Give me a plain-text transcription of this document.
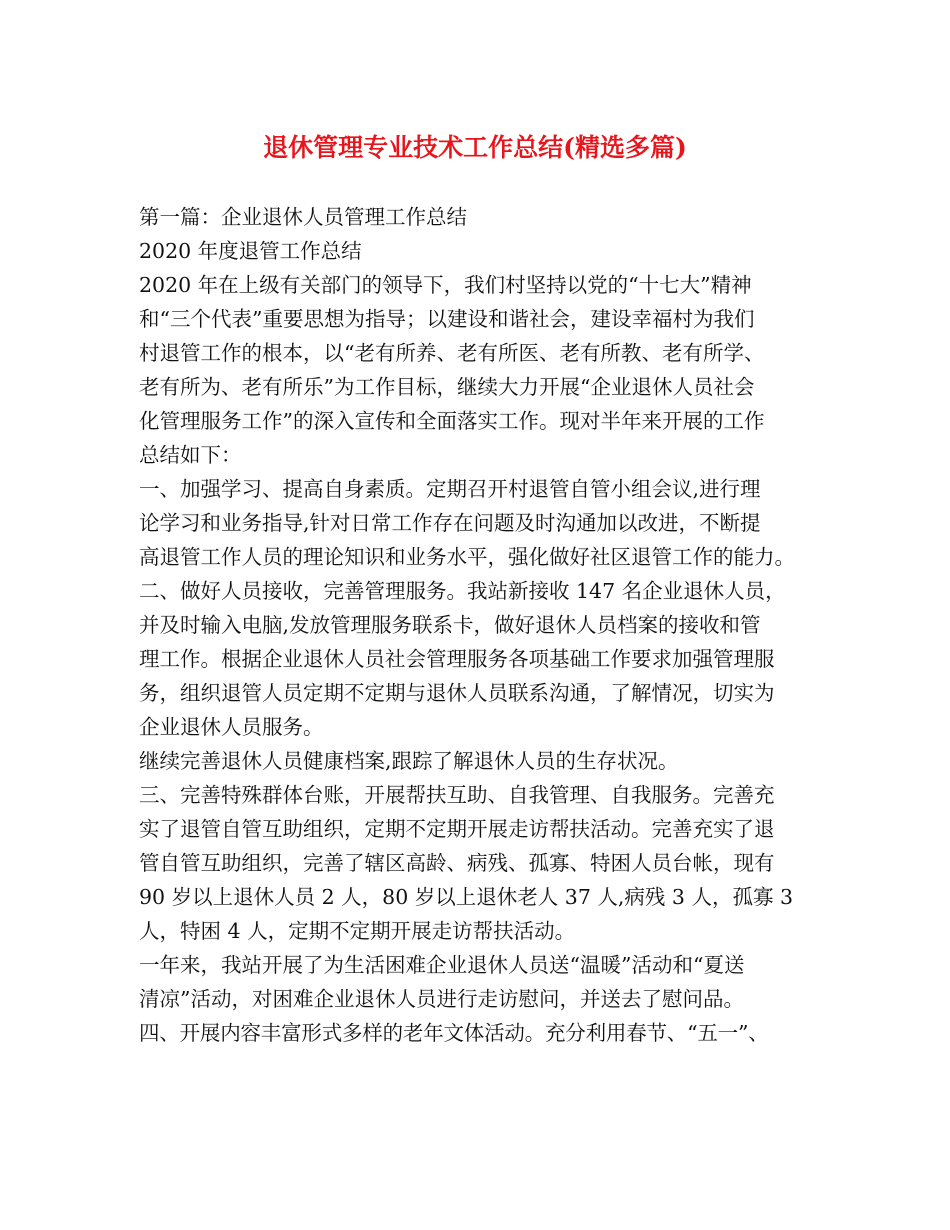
退休管理专业技术工作总结(精选多篇)

第一篇：企业退休人员管理工作总结

2020 年度退管工作总结

2020 年在上级有关部门的领导下，我们村坚持以党的“十七大”精神

和“三个代表”重要思想为指导；以建设和谐社会，建设幸福村为我们

村退管工作的根本，以“老有所养、老有所医、老有所教、老有所学、

老有所为、老有所乐”为工作目标，继续大力开展“企业退休人员社会

化管理服务工作”的深入宣传和全面落实工作。现对半年来开展的工作

总结如下：

一、加强学习、提高自身素质。定期召开村退管自管小组会议,进行理

论学习和业务指导,针对日常工作存在问题及时沟通加以改进，不断提

高退管工作人员的理论知识和业务水平，强化做好社区退管工作的能力。

二、做好人员接收，完善管理服务。我站新接收 147 名企业退休人员，

并及时输入电脑,发放管理服务联系卡，做好退休人员档案的接收和管

理工作。根据企业退休人员社会管理服务各项基础工作要求加强管理服

务，组织退管人员定期不定期与退休人员联系沟通，了解情况，切实为

企业退休人员服务。

继续完善退休人员健康档案,跟踪了解退休人员的生存状况。

三、完善特殊群体台账，开展帮扶互助、自我管理、自我服务。完善充

实了退管自管互助组织，定期不定期开展走访帮扶活动。完善充实了退

管自管互助组织，完善了辖区高龄、病残、孤寡、特困人员台帐，现有

90 岁以上退休人员 2 人，80 岁以上退休老人 37 人,病残 3 人，孤寡 3

人，特困 4 人，定期不定期开展走访帮扶活动。

一年来，我站开展了为生活困难企业退休人员送“温暖”活动和“夏送

清凉”活动，对困难企业退休人员进行走访慰问，并送去了慰问品。

四、开展内容丰富形式多样的老年文体活动。充分利用春节、“五一”、
